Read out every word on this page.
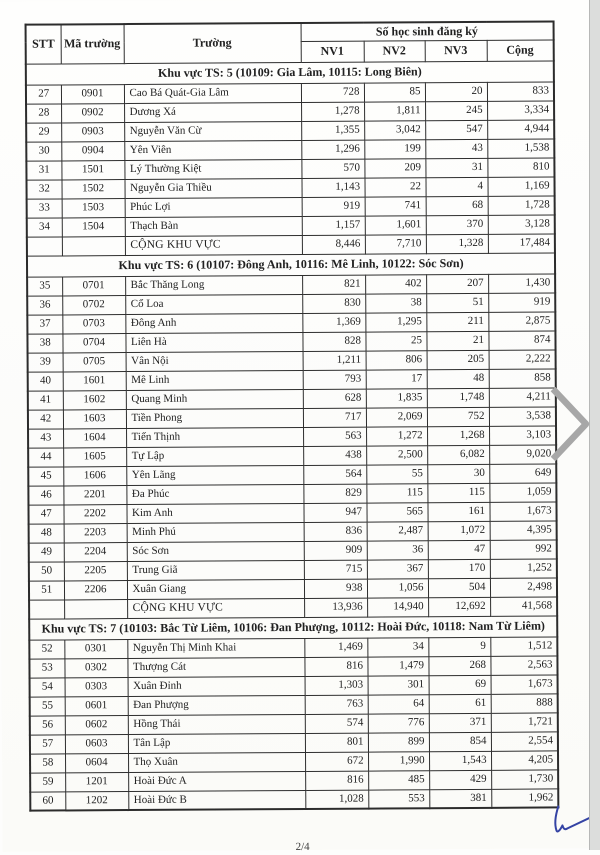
STT	Mã trường	Trường	Số học sinh đăng ký			
			NV1	NV2	NV3	Cộng
Khu vực TS: 5 (10109: Gia Lâm, 10115: Long Biên)						
27	0901	Cao Bá Quát-Gia Lâm	728	85	20	833
28	0902	Dương Xá	1,278	1,811	245	3,334
29	0903	Nguyễn Văn Cừ	1,355	3,042	547	4,944
30	0904	Yên Viên	1,296	199	43	1,538
31	1501	Lý Thường Kiệt	570	209	31	810
32	1502	Nguyễn Gia Thiều	1,143	22	4	1,169
33	1503	Phúc Lợi	919	741	68	1,728
34	1504	Thạch Bàn	1,157	1,601	370	3,128
		CỘNG KHU VỰC	8,446	7,710	1,328	17,484
Khu vực TS: 6 (10107: Đông Anh, 10116: Mê Linh, 10122: Sóc Sơn)						
35	0701	Bắc Thăng Long	821	402	207	1,430
36	0702	Cổ Loa	830	38	51	919
37	0703	Đông Anh	1,369	1,295	211	2,875
38	0704	Liên Hà	828	25	21	874
39	0705	Vân Nội	1,211	806	205	2,222
40	1601	Mê Linh	793	17	48	858
41	1602	Quang Minh	628	1,835	1,748	4,211
42	1603	Tiền Phong	717	2,069	752	3,538
43	1604	Tiến Thịnh	563	1,272	1,268	3,103
44	1605	Tự Lập	438	2,500	6,082	9,020
45	1606	Yên Lãng	564	55	30	649
46	2201	Đa Phúc	829	115	115	1,059
47	2202	Kim Anh	947	565	161	1,673
48	2203	Minh Phú	836	2,487	1,072	4,395
49	2204	Sóc Sơn	909	36	47	992
50	2205	Trung Giã	715	367	170	1,252
51	2206	Xuân Giang	938	1,056	504	2,498
		CỘNG KHU VỰC	13,936	14,940	12,692	41,568
Khu vực TS: 7 (10103: Bắc Từ Liêm, 10106: Đan Phượng, 10112: Hoài Đức, 10118: Nam Từ Liêm)						
52	0301	Nguyễn Thị Minh Khai	1,469	34	9	1,512
53	0302	Thượng Cát	816	1,479	268	2,563
54	0303	Xuân Đỉnh	1,303	301	69	1,673
55	0601	Đan Phượng	763	64	61	888
56	0602	Hồng Thái	574	776	371	1,721
57	0603	Tân Lập	801	899	854	2,554
58	0604	Thọ Xuân	672	1,990	1,543	4,205
59	1201	Hoài Đức A	816	485	429	1,730
60	1202	Hoài Đức B	1,028	553	381	1,962
2/4
